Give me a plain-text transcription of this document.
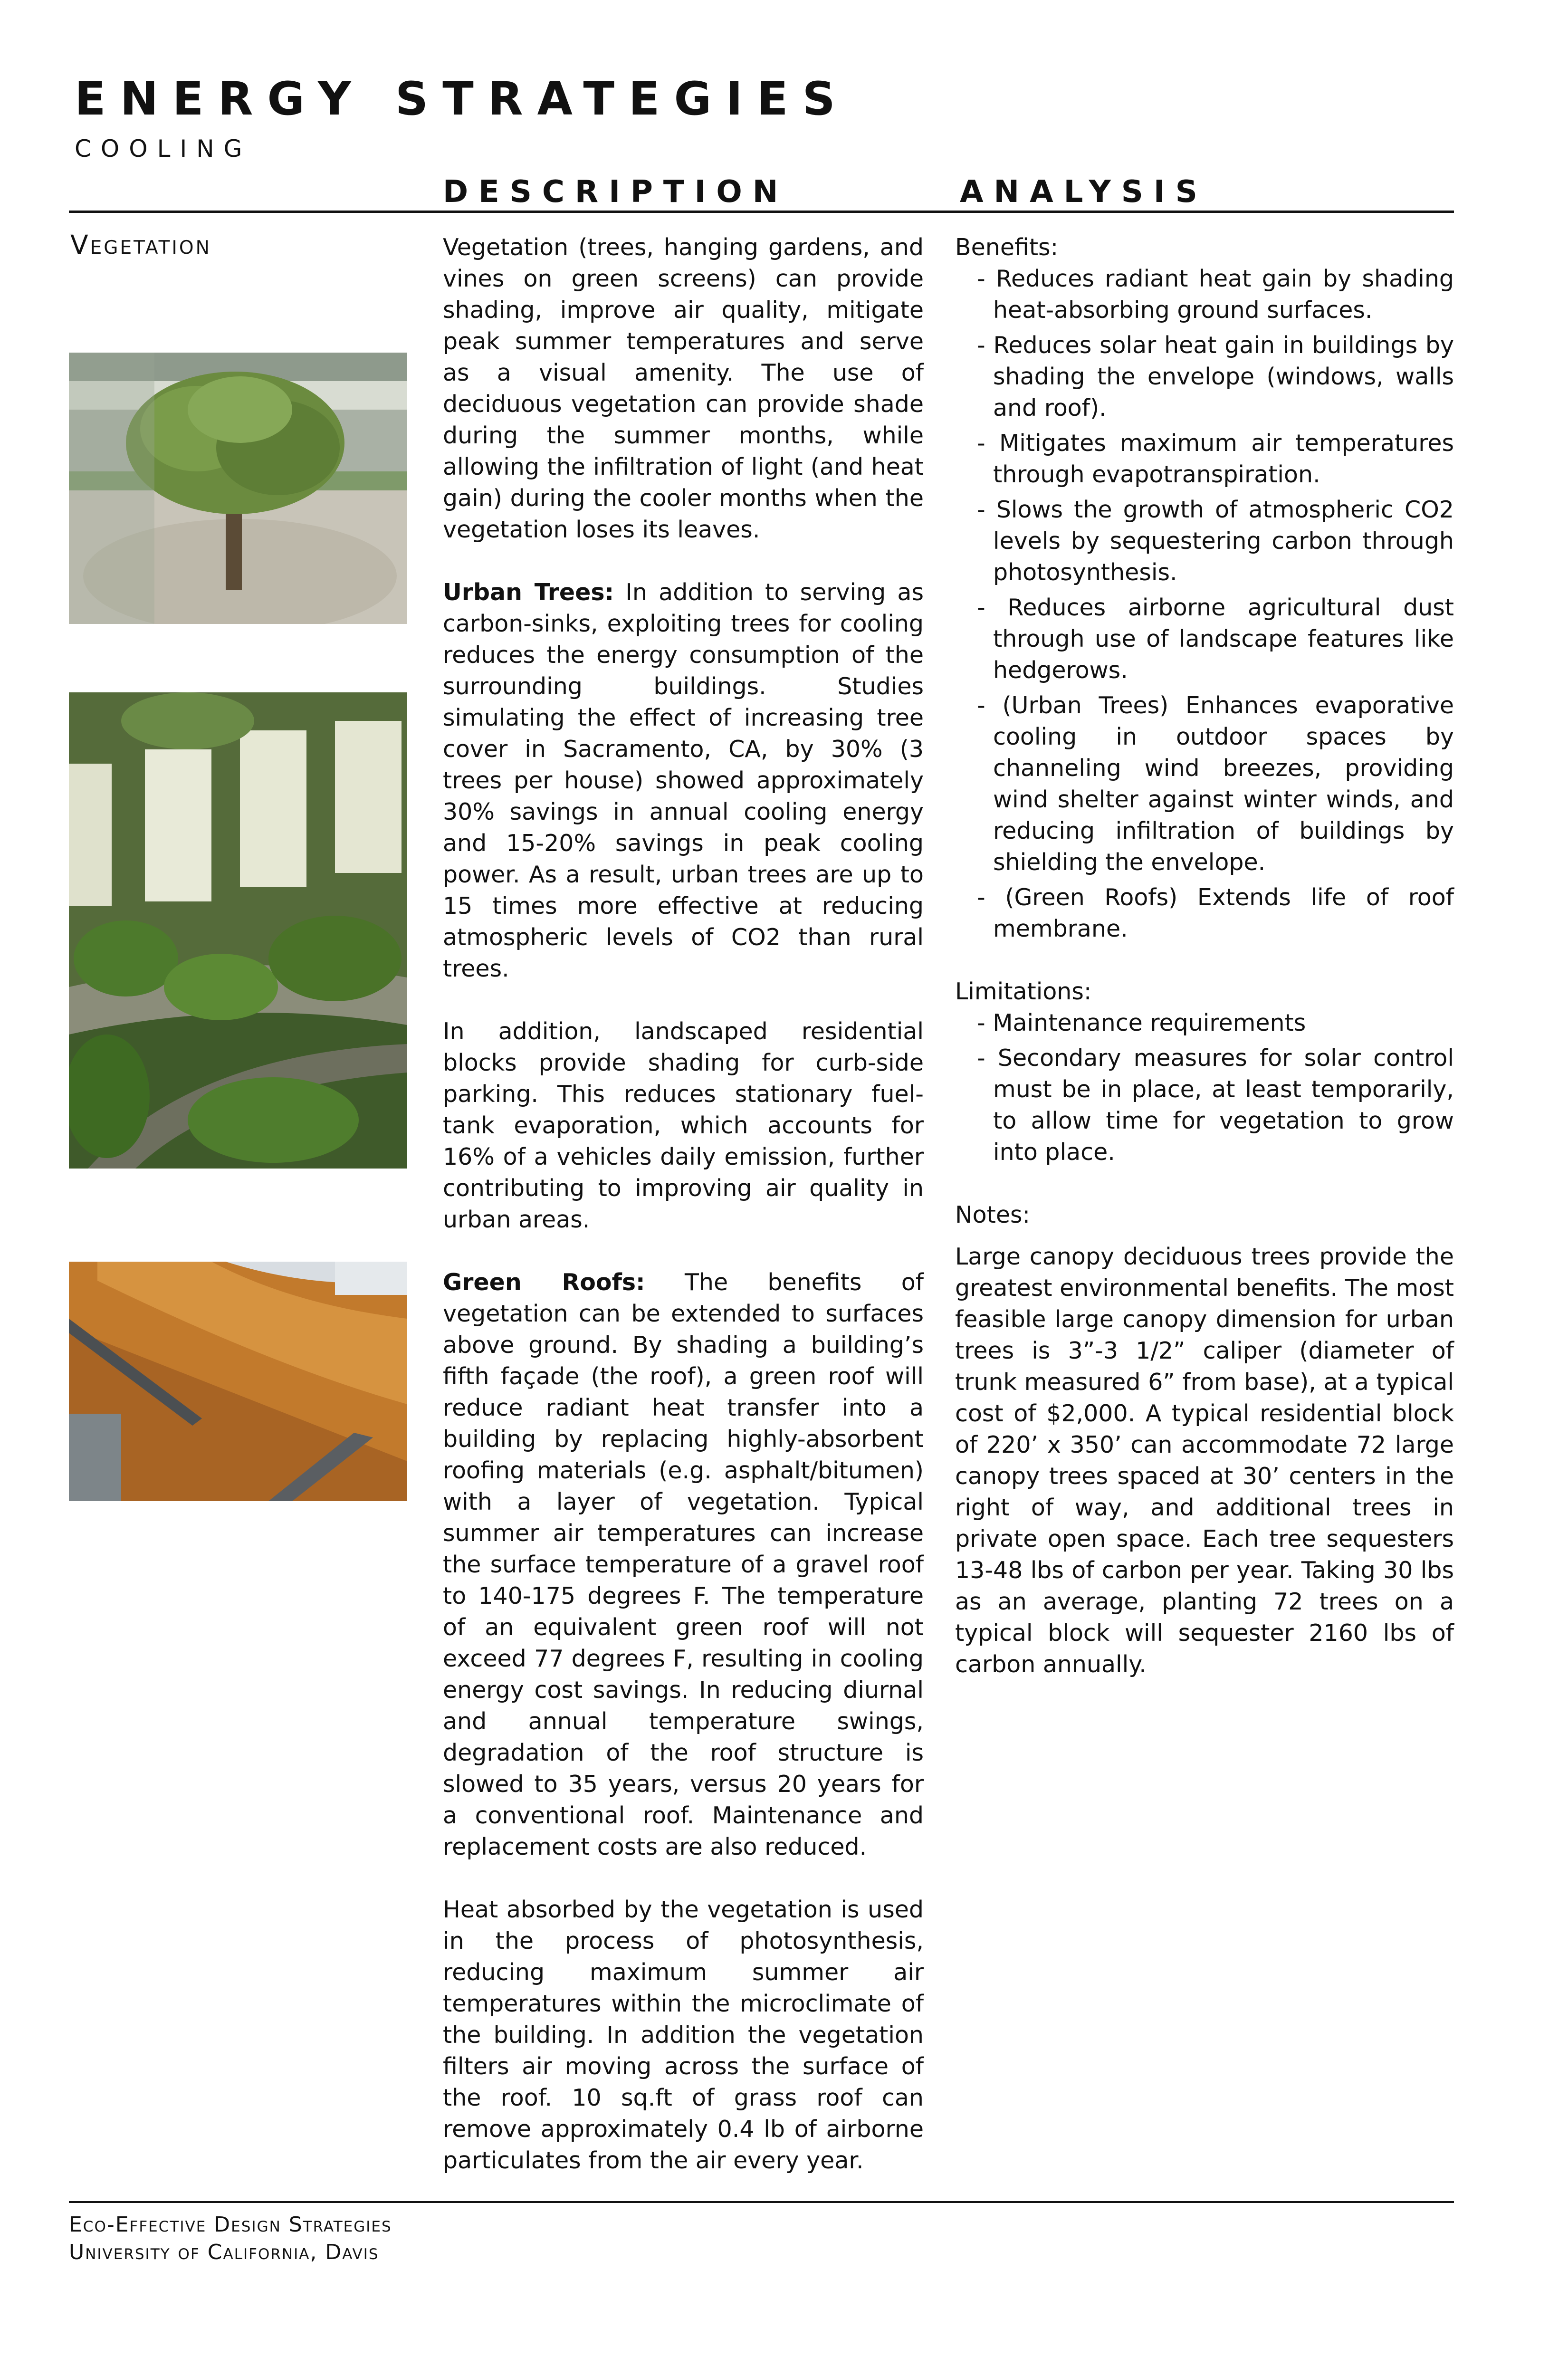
ENERGY STRATEGIES
COOLING
DESCRIPTION	ANALYSIS
Vegetation	Vegetation (trees, hanging gardens, and vines on green screens) can provide shading, improve air quality, mitigate peak summer temperatures and serve as a visual amenity. The use of deciduous vegetation can provide shade during the summer months, while allowing the infiltration of light (and heat gain) during the cooler months when the vegetation loses its leaves.

Urban Trees: In addition to serving as carbon-sinks, exploiting trees for cooling reduces the energy consumption of the surrounding buildings. Studies simulating the effect of increasing tree cover in Sacramento, CA, by 30% (3 trees per house) showed approximately 30% savings in annual cooling energy and 15-20% savings in peak cooling power. As a result, urban trees are up to 15 times more effective at reducing atmospheric levels of CO2 than rural trees.

In addition, landscaped residential blocks provide shading for curb-side parking. This reduces stationary fuel-tank evaporation, which accounts for 16% of a vehicles daily emission, further contributing to improving air quality in urban areas.

Green Roofs: The benefits of vegetation can be extended to surfaces above ground. By shading a building’s fifth façade (the roof), a green roof will reduce radiant heat transfer into a building by replacing highly-absorbent roofing materials (e.g. asphalt/bitumen) with a layer of vegetation. Typical summer air temperatures can increase the surface temperature of a gravel roof to 140-175 degrees F. The temperature of an equivalent green roof will not exceed 77 degrees F, resulting in cooling energy cost savings. In reducing diurnal and annual temperature swings, degradation of the roof structure is slowed to 35 years, versus 20 years for a conventional roof. Maintenance and replacement costs are also reduced.

Heat absorbed by the vegetation is used in the process of photosynthesis, reducing maximum summer air temperatures within the microclimate of the building. In addition the vegetation filters air moving across the surface of the roof. 10 sq.ft of grass roof can remove approximately 0.4 lb of airborne particulates from the air every year.

Benefits:

- Reduces radiant heat gain by shading heat-absorbing ground surfaces.
- Reduces solar heat gain in buildings by shading the envelope (windows, walls and roof).
- Mitigates maximum air temperatures through evapotranspiration.
- Slows the growth of atmospheric CO2 levels by sequestering carbon through photosynthesis.
- Reduces airborne agricultural dust through use of landscape features like hedgerows.
- (Urban Trees) Enhances evaporative cooling in outdoor spaces by channeling wind breezes, providing wind shelter against winter winds, and reducing infiltration of buildings by shielding the envelope.
- (Green Roofs) Extends life of roof membrane.

Limitations:

- Maintenance requirements
- Secondary measures for solar control must be in place, at least temporarily, to allow time for vegetation to grow into place.

Notes:

Large canopy deciduous trees provide the greatest environmental benefits. The most feasible large canopy dimension for urban trees is 3”-3 1/2” caliper (diameter of trunk measured 6” from base), at a typical cost of $2,000. A typical residential block of 220’ x 350’ can accommodate 72 large canopy trees spaced at 30’ centers in the right of way, and additional trees in private open space. Each tree sequesters 13-48 lbs of carbon per year. Taking 30 lbs as an average, planting 72 trees on a typical block will sequester 2160 lbs of carbon annually.

Eco-Effective Design Strategies
University of California, Davis
